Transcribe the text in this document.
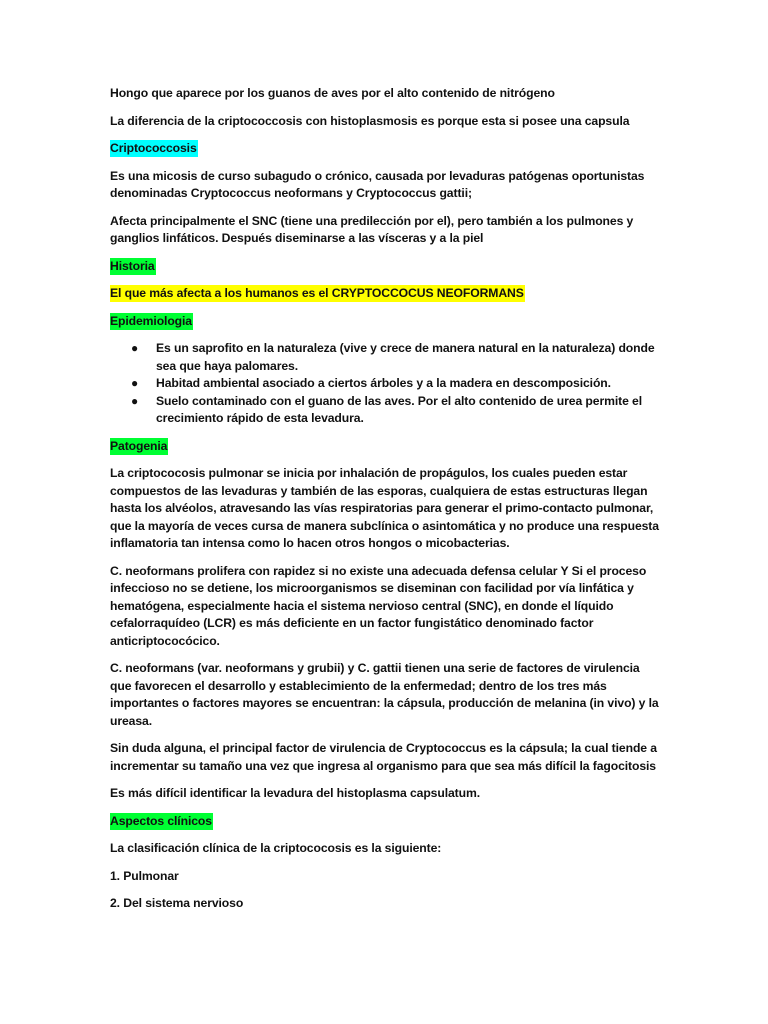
Hongo que aparece por los guanos de aves por el alto contenido de nitrógeno

La diferencia de la criptococcosis con histoplasmosis es porque esta si posee una capsula

Criptococcosis

Es una micosis de curso subagudo o crónico, causada por levaduras patógenas oportunistas denominadas Cryptococcus neoformans y Cryptococcus gattii;

Afecta principalmente el SNC (tiene una predilección por el), pero también a los pulmones y ganglios linfáticos. Después diseminarse a las vísceras y a la piel

Historia

El que más afecta a los humanos es el CRYPTOCCOCUS NEOFORMANS

Epidemiologia

● Es un saprofito en la naturaleza (vive y crece de manera natural en la naturaleza) donde sea que haya palomares.
● Habitad ambiental asociado a ciertos árboles y a la madera en descomposición.
● Suelo contaminado con el guano de las aves. Por el alto contenido de urea permite el crecimiento rápido de esta levadura.

Patogenia

La criptococosis pulmonar se inicia por inhalación de propágulos, los cuales pueden estar compuestos de las levaduras y también de las esporas, cualquiera de estas estructuras llegan hasta los alvéolos, atravesando las vías respiratorias para generar el primo-contacto pulmonar, que la mayoría de veces cursa de manera subclínica o asintomática y no produce una respuesta inflamatoria tan intensa como lo hacen otros hongos o micobacterias.

C. neoformans prolifera con rapidez si no existe una adecuada defensa celular Y Si el proceso infeccioso no se detiene, los microorganismos se diseminan con facilidad por vía linfática y hematógena, especialmente hacia el sistema nervioso central (SNC), en donde el líquido cefalorraquídeo (LCR) es más deficiente en un factor fungistático denominado factor anticriptococócico.

C. neoformans (var. neoformans y grubii) y C. gattii tienen una serie de factores de virulencia que favorecen el desarrollo y establecimiento de la enfermedad; dentro de los tres más importantes o factores mayores se encuentran: la cápsula, producción de melanina (in vivo) y la ureasa.

Sin duda alguna, el principal factor de virulencia de Cryptococcus es la cápsula; la cual tiende a incrementar su tamaño una vez que ingresa al organismo para que sea más difícil la fagocitosis

Es más difícil identificar la levadura del histoplasma capsulatum.

Aspectos clínicos

La clasificación clínica de la criptococosis es la siguiente:

1. Pulmonar

2. Del sistema nervioso
